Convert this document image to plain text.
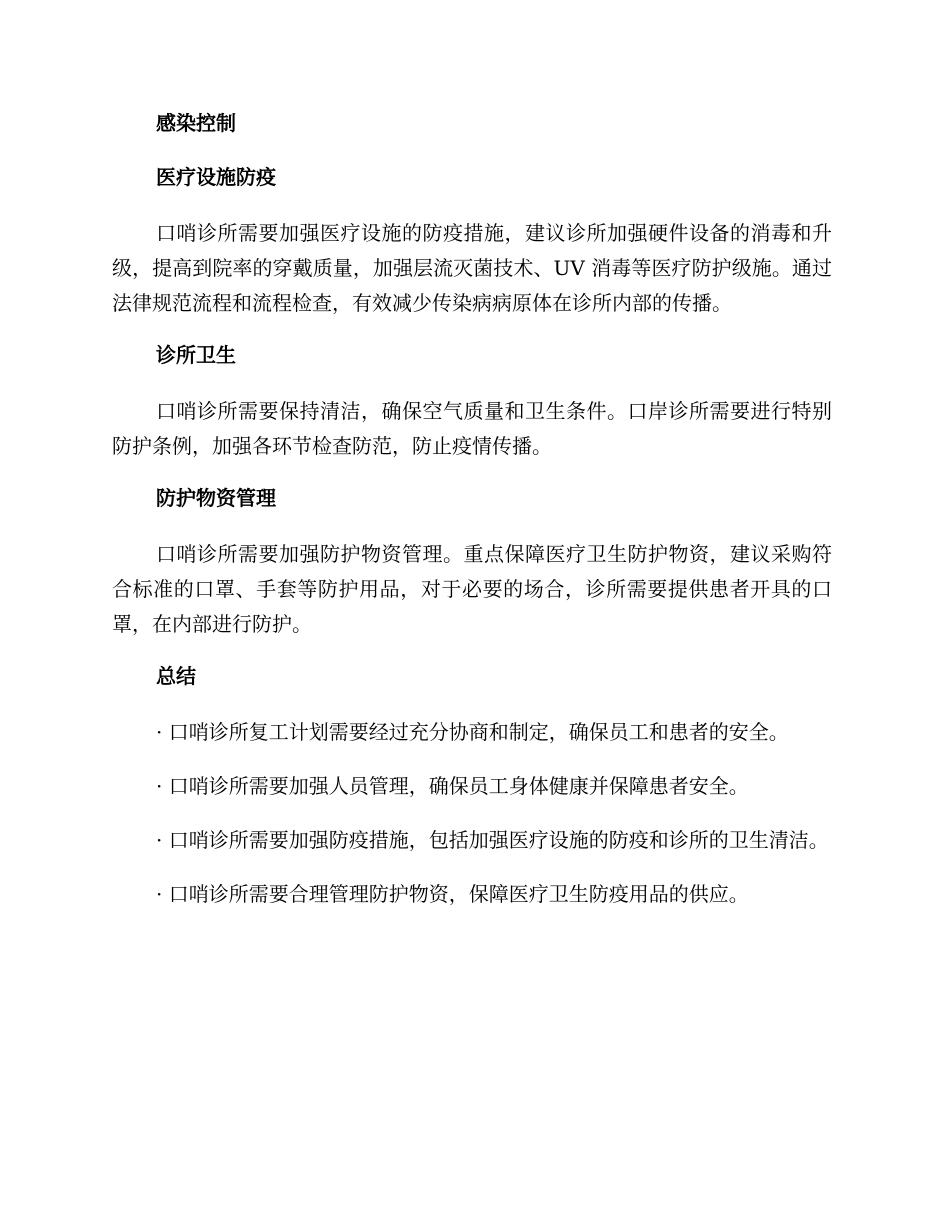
感染控制
医疗设施防疫

口哨诊所需要加强医疗设施的防疫措施，建议诊所加强硬件设备的消毒和升级，提高到院率的穿戴质量，加强层流灭菌技术、UV 消毒等医疗防护级施。通过法律规范流程和流程检查，有效减少传染病病原体在诊所内部的传播。

诊所卫生

口哨诊所需要保持清洁，确保空气质量和卫生条件。口岸诊所需要进行特别防护条例，加强各环节检查防范，防止疫情传播。

防护物资管理

口哨诊所需要加强防护物资管理。重点保障医疗卫生防护物资，建议采购符合标准的口罩、手套等防护用品，对于必要的场合，诊所需要提供患者开具的口罩，在内部进行防护。

总结

· 口哨诊所复工计划需要经过充分协商和制定，确保员工和患者的安全。

· 口哨诊所需要加强人员管理，确保员工身体健康并保障患者安全。

· 口哨诊所需要加强防疫措施，包括加强医疗设施的防疫和诊所的卫生清洁。

· 口哨诊所需要合理管理防护物资，保障医疗卫生防疫用品的供应。
